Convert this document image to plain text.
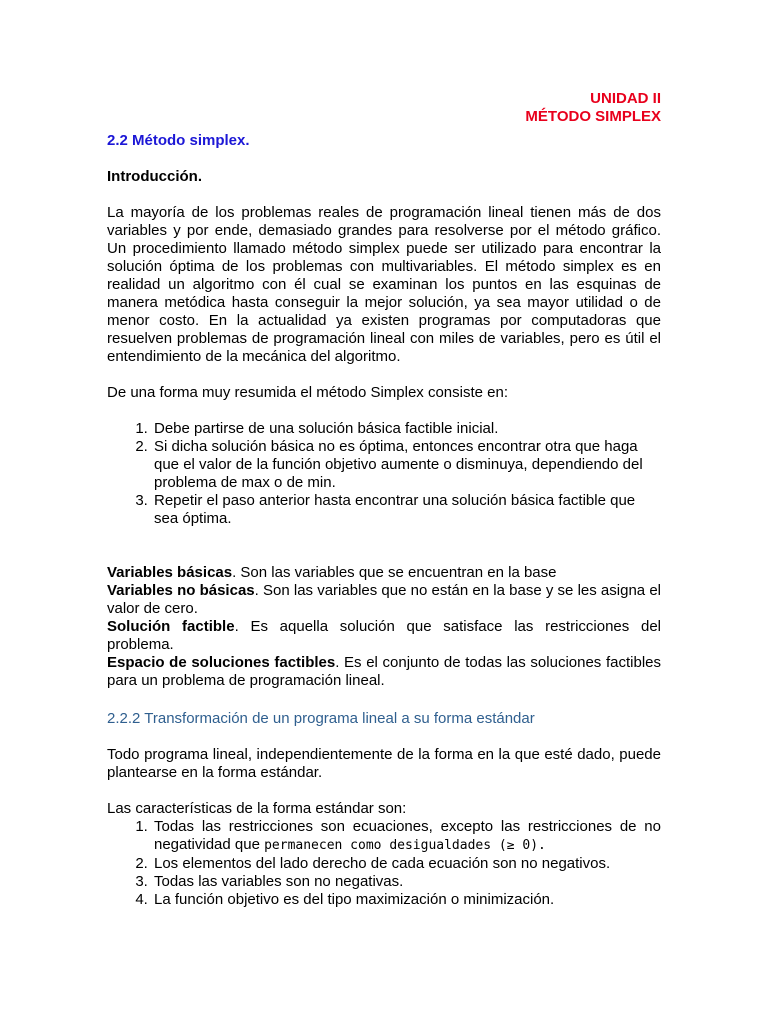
UNIDAD II
MÉTODO SIMPLEX
2.2 Método simplex.
Introducción.

La mayoría de los problemas reales de programación lineal tienen más de dos variables y por ende, demasiado grandes para resolverse por el método gráfico. Un procedimiento llamado método simplex puede ser utilizado para encontrar la solución óptima de los problemas con multivariables. El método simplex es en realidad un algoritmo con él cual se examinan los puntos en las esquinas de manera metódica hasta conseguir la mejor solución, ya sea mayor utilidad o de menor costo. En la actualidad ya existen programas por computadoras que resuelven problemas de programación lineal con miles de variables, pero es útil el entendimiento de la mecánica del algoritmo.

De una forma muy resumida el método Simplex consiste en:

1. Debe partirse de una solución básica factible inicial.
2. Si dicha solución básica no es óptima, entonces encontrar otra que haga que el valor de la función objetivo aumente o disminuya, dependiendo del problema de max o de min.
3. Repetir el paso anterior hasta encontrar una solución básica factible que sea óptima.

Variables básicas. Son las variables que se encuentran en la base

Variables no básicas. Son las variables que no están en la base y se les asigna el valor de cero.

Solución factible. Es aquella solución que satisface las restricciones del problema.

Espacio de soluciones factibles. Es el conjunto de todas las soluciones factibles para un problema de programación lineal.

2.2.2 Transformación de un programa lineal a su forma estándar

Todo programa lineal, independientemente de la forma en la que esté dado, puede plantearse en la forma estándar.

Las características de la forma estándar son:

1. Todas las restricciones son ecuaciones, excepto las restricciones de no negatividad que permanecen como desigualdades (≥ 0).
2. Los elementos del lado derecho de cada ecuación son no negativos.
3. Todas las variables son no negativas.
4. La función objetivo es del tipo maximización o minimización.
